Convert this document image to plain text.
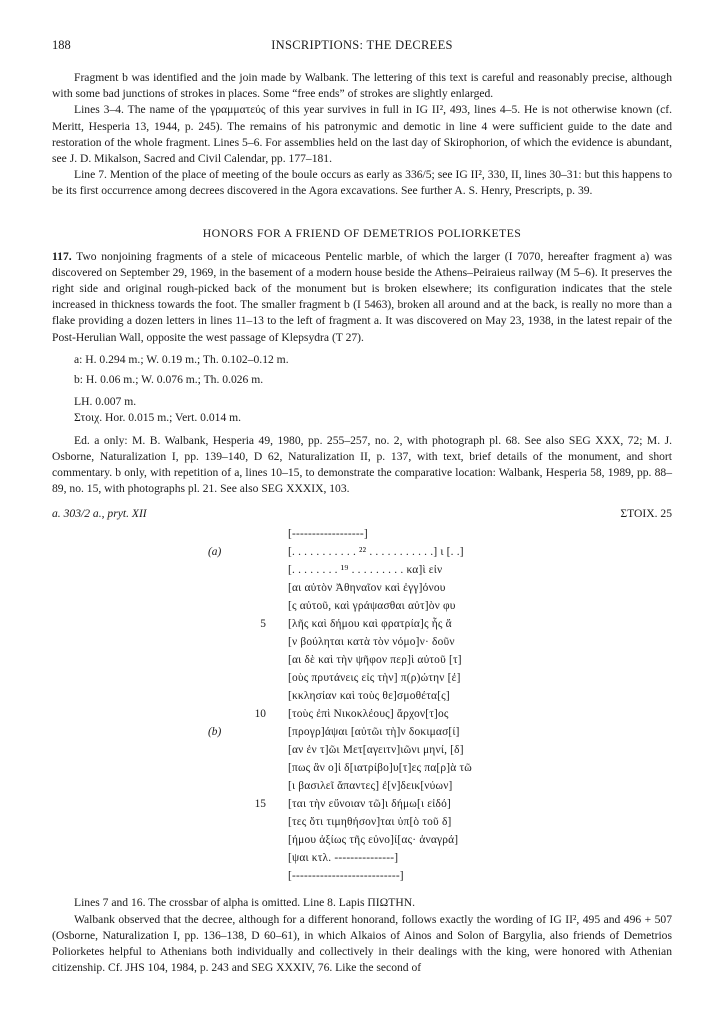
188	INSCRIPTIONS: THE DECREES

Fragment b was identified and the join made by Walbank. The lettering of this text is careful and reasonably precise, although with some bad junctions of strokes in places. Some “free ends” of strokes are slightly enlarged.

Lines 3–4. The name of the γραμματεύς of this year survives in full in IG II², 493, lines 4–5. He is not otherwise known (cf. Meritt, Hesperia 13, 1944, p. 245). The remains of his patronymic and demotic in line 4 were sufficient guide to the date and restoration of the whole fragment. Lines 5–6. For assemblies held on the last day of Skirophorion, of which the evidence is abundant, see J. D. Mikalson, Sacred and Civil Calendar, pp. 177–181.

Line 7. Mention of the place of meeting of the boule occurs as early as 336/5; see IG II², 330, II, lines 30–31: but this happens to be its first occurrence among decrees discovered in the Agora excavations. See further A. S. Henry, Prescripts, p. 39.

HONORS FOR A FRIEND OF DEMETRIOS POLIORKETES

117. Two nonjoining fragments of a stele of micaceous Pentelic marble, of which the larger (I 7070, hereafter fragment a) was discovered on September 29, 1969, in the basement of a modern house beside the Athens–Peiraieus railway (M 5–6). It preserves the right side and original rough-picked back of the monument but is broken elsewhere; its configuration indicates that the stele increased in thickness towards the foot. The smaller fragment b (I 5463), broken all around and at the back, is really no more than a flake providing a dozen letters in lines 11–13 to the left of fragment a. It was discovered on May 23, 1938, in the latest repair of the Post-Herulian Wall, opposite the west passage of Klepsydra (T 27).

a: H. 0.294 m.; W. 0.19 m.; Th. 0.102–0.12 m.
b: H. 0.06 m.; W. 0.076 m.; Th. 0.026 m.
LH. 0.007 m.
Στοιχ. Hor. 0.015 m.; Vert. 0.014 m.

Ed. a only: M. B. Walbank, Hesperia 49, 1980, pp. 255–257, no. 2, with photograph pl. 68. See also SEG XXX, 72; M. J. Osborne, Naturalization I, pp. 139–140, D 62, Naturalization II, p. 137, with text, brief details of the monument, and short commentary. b only, with repetition of a, lines 10–15, to demonstrate the comparative location: Walbank, Hesperia 58, 1989, pp. 88–89, no. 15, with photographs pl. 21. See also SEG XXXIX, 103.

a. 303/2 a., pryt. XII	ΣΤΟΙΧ. 25
[------------------]
(a)	[. . . . . . . . . . . ²² . . . . . . . . . . .] ι [. .]
[. . . . . . . . ¹⁹ . . . . . . . . . κα]ὶ εἰν
[αι αὐτὸν Ἀθηναῖον καὶ ἐγγ]όνου
[ς αὐτοῦ, καὶ γράψασθαι αὐτ]ὸν φυ
5 [λῆς καὶ δήμου καὶ φρατρία]ς ἧς ἄ
[ν βούληται κατὰ τὸν νόμο]ν· δοῦν
[αι δὲ καὶ τὴν ψῆφον περ]ὶ αὐτοῦ [τ]
[οὺς πρυτάνεις εἰς τὴν] π(ρ)ώτην [ἐ]
[κκλησίαν καὶ τοὺς θε]σμοθέτα[ς]
10 [τοὺς ἐπὶ Νικοκλέους] ἄρχον[τ]ος
(b)	[προγρ]άψαι [αὐτῶι τὴ]ν δοκιμασ[ί]
[αν ἐν τ]ῶι Μετ[αγειτν]ιῶνι μηνί, [δ]
[πως ἂν ο]ἱ δ[ιατρίβο]υ[τ]ες πα[ρ]ὰ τῶ
[ι βασιλεῖ ἅπαντες] ἐ[ν]δεικ[νύων]
15 [ται τὴν εὔνοιαν τῶ]ι δήμω[ι εἰδό]
[τες ὅτι τιμηθήσον]ται ὑπ[ὸ τοῦ δ]
[ήμου ἀξίως τῆς εὐνο]ί[ας· ἀναγρά]
[ψαι κτλ. ---------------]
[---------------------------]

Lines 7 and 16. The crossbar of alpha is omitted. Line 8. Lapis ΠΙΩΤΗΝ.

Walbank observed that the decree, although for a different honorand, follows exactly the wording of IG II², 495 and 496 + 507 (Osborne, Naturalization I, pp. 136–138, D 60–61), in which Alkaios of Ainos and Solon of Bargylia, also friends of Demetrios Poliorketes helpful to Athenians both individually and collectively in their dealings with the king, were honored with Athenian citizenship. Cf. JHS 104, 1984, p. 243 and SEG XXXIV, 76. Like the second of
